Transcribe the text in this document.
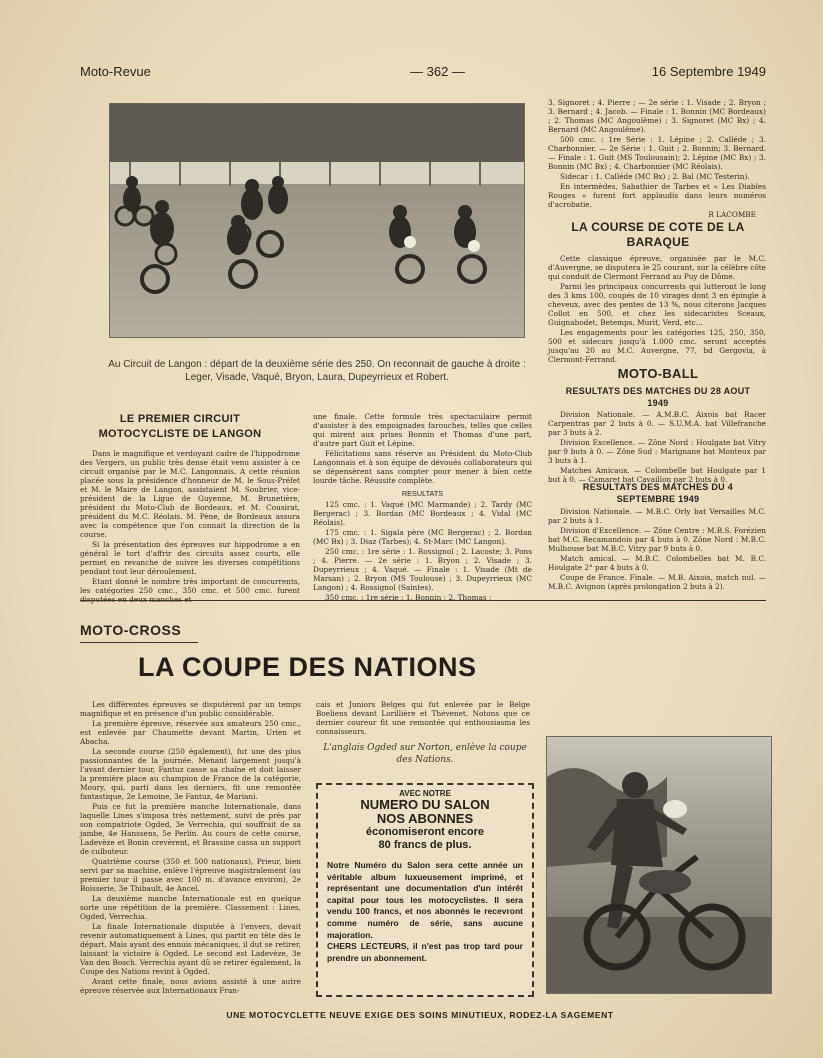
Moto-Revue	— 362 —	16 Septembre 1949
Au Circuit de Langon : départ de la deuxième série des 250. On reconnait de gauche à droite : Leger, Visade, Vaqué, Bryon, Laura, Dupeyrrieux et Robert.
LE PREMIER CIRCUIT MOTOCYCLISTE DE LANGON

Dans le magnifique et verdoyant cadre de l'hippodrome des Vergers, un public très dense était venu assister à ce circuit organisé par le M.C. Langonnais. A cette réunion placée sous la présidence d'honneur de M. le Sous-Préfet et M. le Maire de Langon, assistaient M. Soubrier, vice-président de la Ligue de Guyenne, M. Brunetière, président du Moto-Club de Bordeaux, et M. Cousirat, président du M.C. Réolais. M. Pène, de Bordeaux assura avec la compétence que l'on connait la direction de la course.

Si la présentation des épreuves sur hippodrome a en général le tort d'affrir des circuits assez courts, elle permet en revanche de suivre les diverses compétitions pendant tout leur déroulement.

Etant donné le nombre très important de concurrents, les catégories 250 cmc., 350 cmc. et 500 cmc. furent disputées en deux manches et

une finale. Cette formule très spectaculaire permit d'assister à des empoignades farouches, telles que celles qui mirent aux prises Bonnin et Thomas d'une part, d'autre part Guit et Lépine.

Félicitations sans réserve au Président du Moto-Club Langonnais et à son équipe de dévoués collaborateurs qui se dépensèrent sans compter pour mener à bien cette lourde tâche. Réussite complète.

RESULTATS

125 cmc. : 1. Vaqué (MC Marmande) ; 2. Tardy (MC Bergerac) ; 3. Bordan (MC Bordeaux ; 4. Vidal (MC Réolais).

175 cmc. : 1. Sigala père (MC Bergerac) ; 2. Bordan (MC Bx) ; 3. Diaz (Tarbes); 4. St-Marc (MC Langon).

250 cmc. : 1re série : 1. Rossignol ; 2. Lacoste; 3. Pons ; 4. Pierre. — 2e série : 1. Bryon ; 2. Visade ; 3. Dupeyrrieux ; 4. Vaqué. — Finale : 1. Visade (Mt de Marsan) ; 2. Bryon (MS Toulouse) ; 3. Dupeyrrieux (MC Langon) ; 4. Rossignol (Saintes).

350 cmc. : 1re série : 1. Bonnin ; 2. Thomas ;

3. Signoret ; 4. Pierre ; — 2e série : 1. Visade ; 2. Bryon ; 3. Bernard ; 4. Jacob. — Finale : 1. Bonnin (MC Bordeaux) ; 2. Thomas (MC Angoulême) ; 3. Signoret (MC Bx) ; 4. Bernard (MC Angoulême).

500 cmc. : 1re Série : 1. Lépine ; 2. Calléde ; 3. Charbonnier. — 2e Série : 1. Guit ; 2. Bonnin; 3. Bernard. — Finale : 1. Guit (MS Toulousain); 2. Lépine (MC Bx) ; 3. Bonnin (MC Bx) ; 4. Charbonnier (MC Réolais).

Sidecar : 1. Calléde (MC Bx) ; 2. Bal (MC Testerin).

En intermèdes, Sabathier de Tarbes et « Les Diables Rouges » furent fort applaudis dans leurs numéros d'acrobatie.

R LACOMBE
LA COURSE DE COTE DE LA BARAQUE

Cette classique épreuve, organisée par le M.C. d'Auvergne, se disputera le 25 courant, sur la célèbre côte qui conduit de Clermont Ferrand au Puy de Dôme.

Parmi les principaux concurrents qui lutteront le long des 3 kms 100, coupés de 10 virages dont 3 en épingle à cheveux, avec des pentes de 13 %, nous citerons Jacques Collot en 500, et chez les sidecaristes Sceaux, Guignabodet, Betemps, Murit, Verd, etc...

Les engagements pour les catégories 125, 250, 350, 500 et sidecars jusqu'à 1.000 cmc. seront acceptés jusqu'au 20 au M.C. Auvergne, 77, bd Gergovia, à Clermont-Ferrand.

MOTO-BALL
RESULTATS DES MATCHES DU 28 AOUT 1949

Division Nationale. — A.M.B.C. Aixois bat Racer Carpentras par 2 buts à 0. — S.U.M.A. bat Villefranche par 3 buts à 2.

Division Excellence. — Zône Nord : Houlgate bat Vitry par 9 buts à 0. — Zône Sud : Marignane bat Monteux par 3 buts à 1.

Matches Amicaux. — Colombelle bat Houlgate par 1 but à 0. — Camaret bat Cavaillon par 2 buts à 0.

RESULTATS DES MATCHES DU 4 SEPTEMBRE 1949

Division Nationale. — M.B.C. Orly bat Versailles M.C. par 2 buts à 1.

Division d'Excellence. — Zône Centre : M.B.S. Forézien bat M.C. Recamandois par 4 buts à 0. Zône Nord : M.B.C. Mulhouse bat M.B.C. Vitry par 9 buts à 0.

Match amical. — M.B.C. Colombelles bat M. B.C. Houlgate 2° par 4 buts à 0.

Coupe de France. Finale. — M.B. Aixois, match nul. — M.B.C. Avignon (après prolongation 2 buts à 2).

MOTO-CROSS
LA COUPE DES NATIONS

Les différentes épreuves se disputèrent par un temps magnifique et en présence d'un public considérable.

La première épreuve, réservée aux amateurs 250 cmc., est enlevée par Chaumette devant Martin, Urien et Abacha.

La seconde course (250 également), fut une des plus passionnantes de la journée. Menant largement jusqu'à l'avant dernier tour, Fantuz casse sa chaîne et doit laisser la première place au champion de France de la catégorie, Moury, qui, parti dans les derniers, fit une remontée fantastique, 2e Lemoine, 3e Fantuz, 4e Mariani.

Puis ce fut la première manche Internationale, dans laquelle Lines s'imposa très nettement, suivi de près par son compatriote Ogded, 3e Verrechia, qui souffrait de sa jambe, 4e Hanssens, 5e Perlin. Au cours de cette course, Ladevèze et Bonin crevèrent, et Brassine cassa un support de culbuteur.

Quatrième course (350 et 500 nationaux), Prieur, bien servi par sa machine, enlève l'épreuve magistralement (au premier tour il passe avec 100 m. d'avance environ), 2e Boisserie, 3e Thibault, 4e Ancel.

La deuxième manche Internationale est en quelque sorte une répétition de la première. Classement : Lines, Ogded, Verrechia.

La finale Internationale disputée à l'envers, devait revenir automatiquement à Lines, qui partit en tête dès le départ. Mais ayant des ennuis mécaniques, il dut se retirer, laissant la victoire à Ogded. Le second est Ladevèze, 3e Van den Bosch. Verrechia ayant dû se retirer également, la Coupe des Nations revint à Ogded.

Avant cette finale, nous avions assisté à une autre épreuve réservée aux Internationaux Fran-

cais et Juniors Belges qui fut enlevée par le Belge Boeliens devant Lorillière et Thévenet. Notons que ce dernier coureur fit une remontée qui enthousiasma les connaisseurs.

L'anglais Ogded sur Norton, enlève la coupe des Nations.
AVEC NOTRE
NUMERO DU SALON
NOS ABONNES
économiseront encore
80 francs de plus.
Notre Numéro du Salon sera cette année un véritable album luxueusement imprimé, et représentant une documentation d'un intérêt capital pour tous les motocyclistes. Il sera vendu 100 francs, et nos abonnés le recevront comme numéro de série, sans aucune majoration.
CHERS LECTEURS, il n'est pas trop tard pour prendre un abonnement.
UNE MOTOCYCLETTE NEUVE EXIGE DES SOINS MINUTIEUX, RODEZ-LA SAGEMENT
